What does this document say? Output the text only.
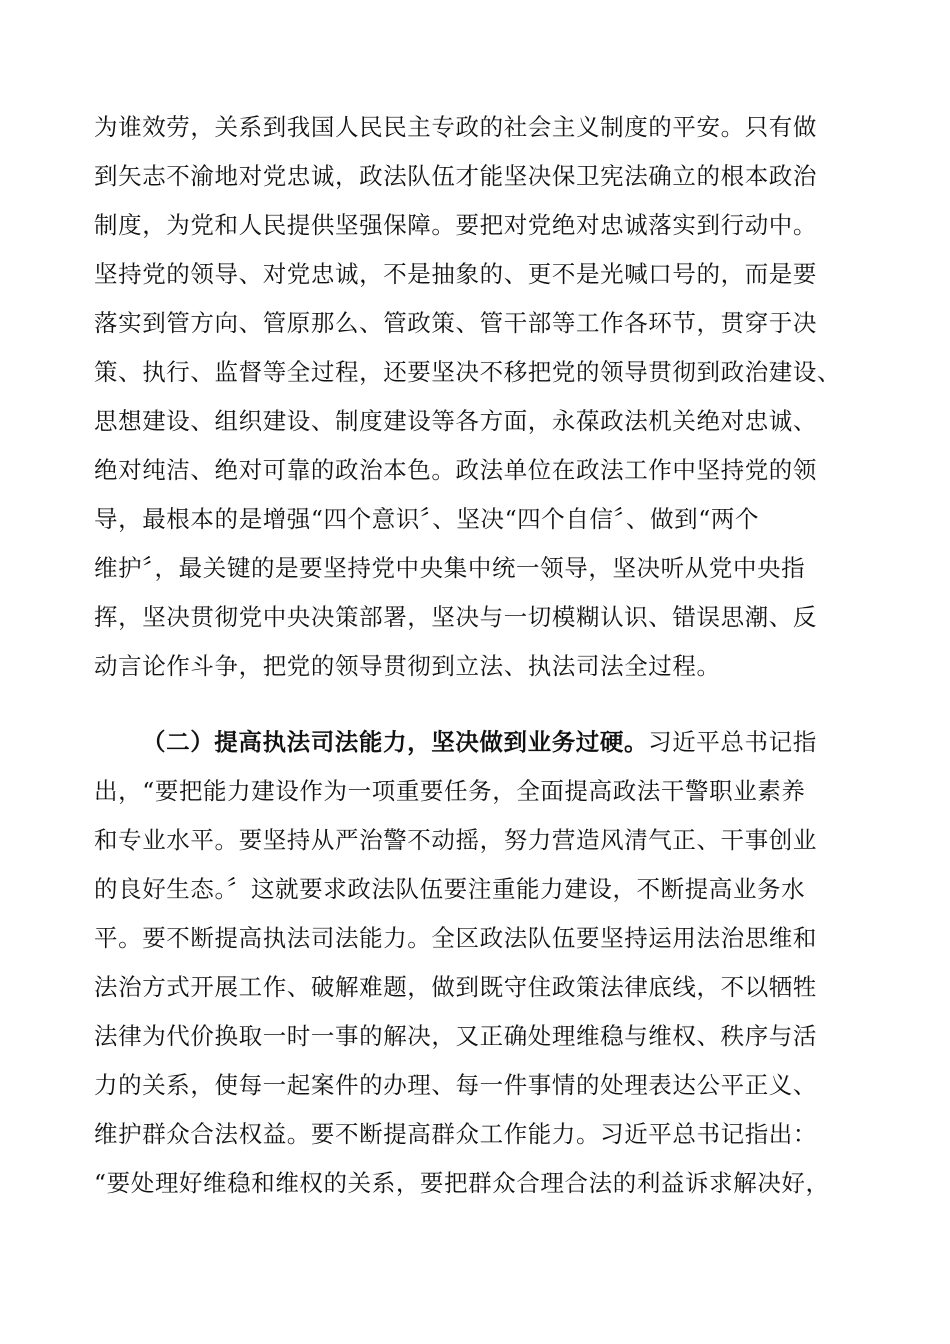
为谁效劳，关系到我国人民民主专政的社会主义制度的平安。只有做
到矢志不渝地对党忠诚，政法队伍才能坚决保卫宪法确立的根本政治
制度，为党和人民提供坚强保障。要把对党绝对忠诚落实到行动中。
坚持党的领导、对党忠诚，不是抽象的、更不是光喊口号的，而是要
落实到管方向、管原那么、管政策、管干部等工作各环节，贯穿于决
策、执行、监督等全过程，还要坚决不移把党的领导贯彻到政治建设、
思想建设、组织建设、制度建设等各方面，永葆政法机关绝对忠诚、
绝对纯洁、绝对可靠的政治本色。政法单位在政法工作中坚持党的领
导，最根本的是增强“四个意识〞、坚决“四个自信〞、做到“两个
维护〞，最关键的是要坚持党中央集中统一领导，坚决听从党中央指
挥，坚决贯彻党中央决策部署，坚决与一切模糊认识、错误思潮、反
动言论作斗争，把党的领导贯彻到立法、执法司法全过程。
（二）提高执法司法能力，坚决做到业务过硬。习近平总书记指
出，“要把能力建设作为一项重要任务，全面提高政法干警职业素养
和专业水平。要坚持从严治警不动摇，努力营造风清气正、干事创业
的良好生态。〞这就要求政法队伍要注重能力建设，不断提高业务水
平。要不断提高执法司法能力。全区政法队伍要坚持运用法治思维和
法治方式开展工作、破解难题，做到既守住政策法律底线，不以牺牲
法律为代价换取一时一事的解决，又正确处理维稳与维权、秩序与活
力的关系，使每一起案件的办理、每一件事情的处理表达公平正义、
维护群众合法权益。要不断提高群众工作能力。习近平总书记指出：
“要处理好维稳和维权的关系，要把群众合理合法的利益诉求解决好，
